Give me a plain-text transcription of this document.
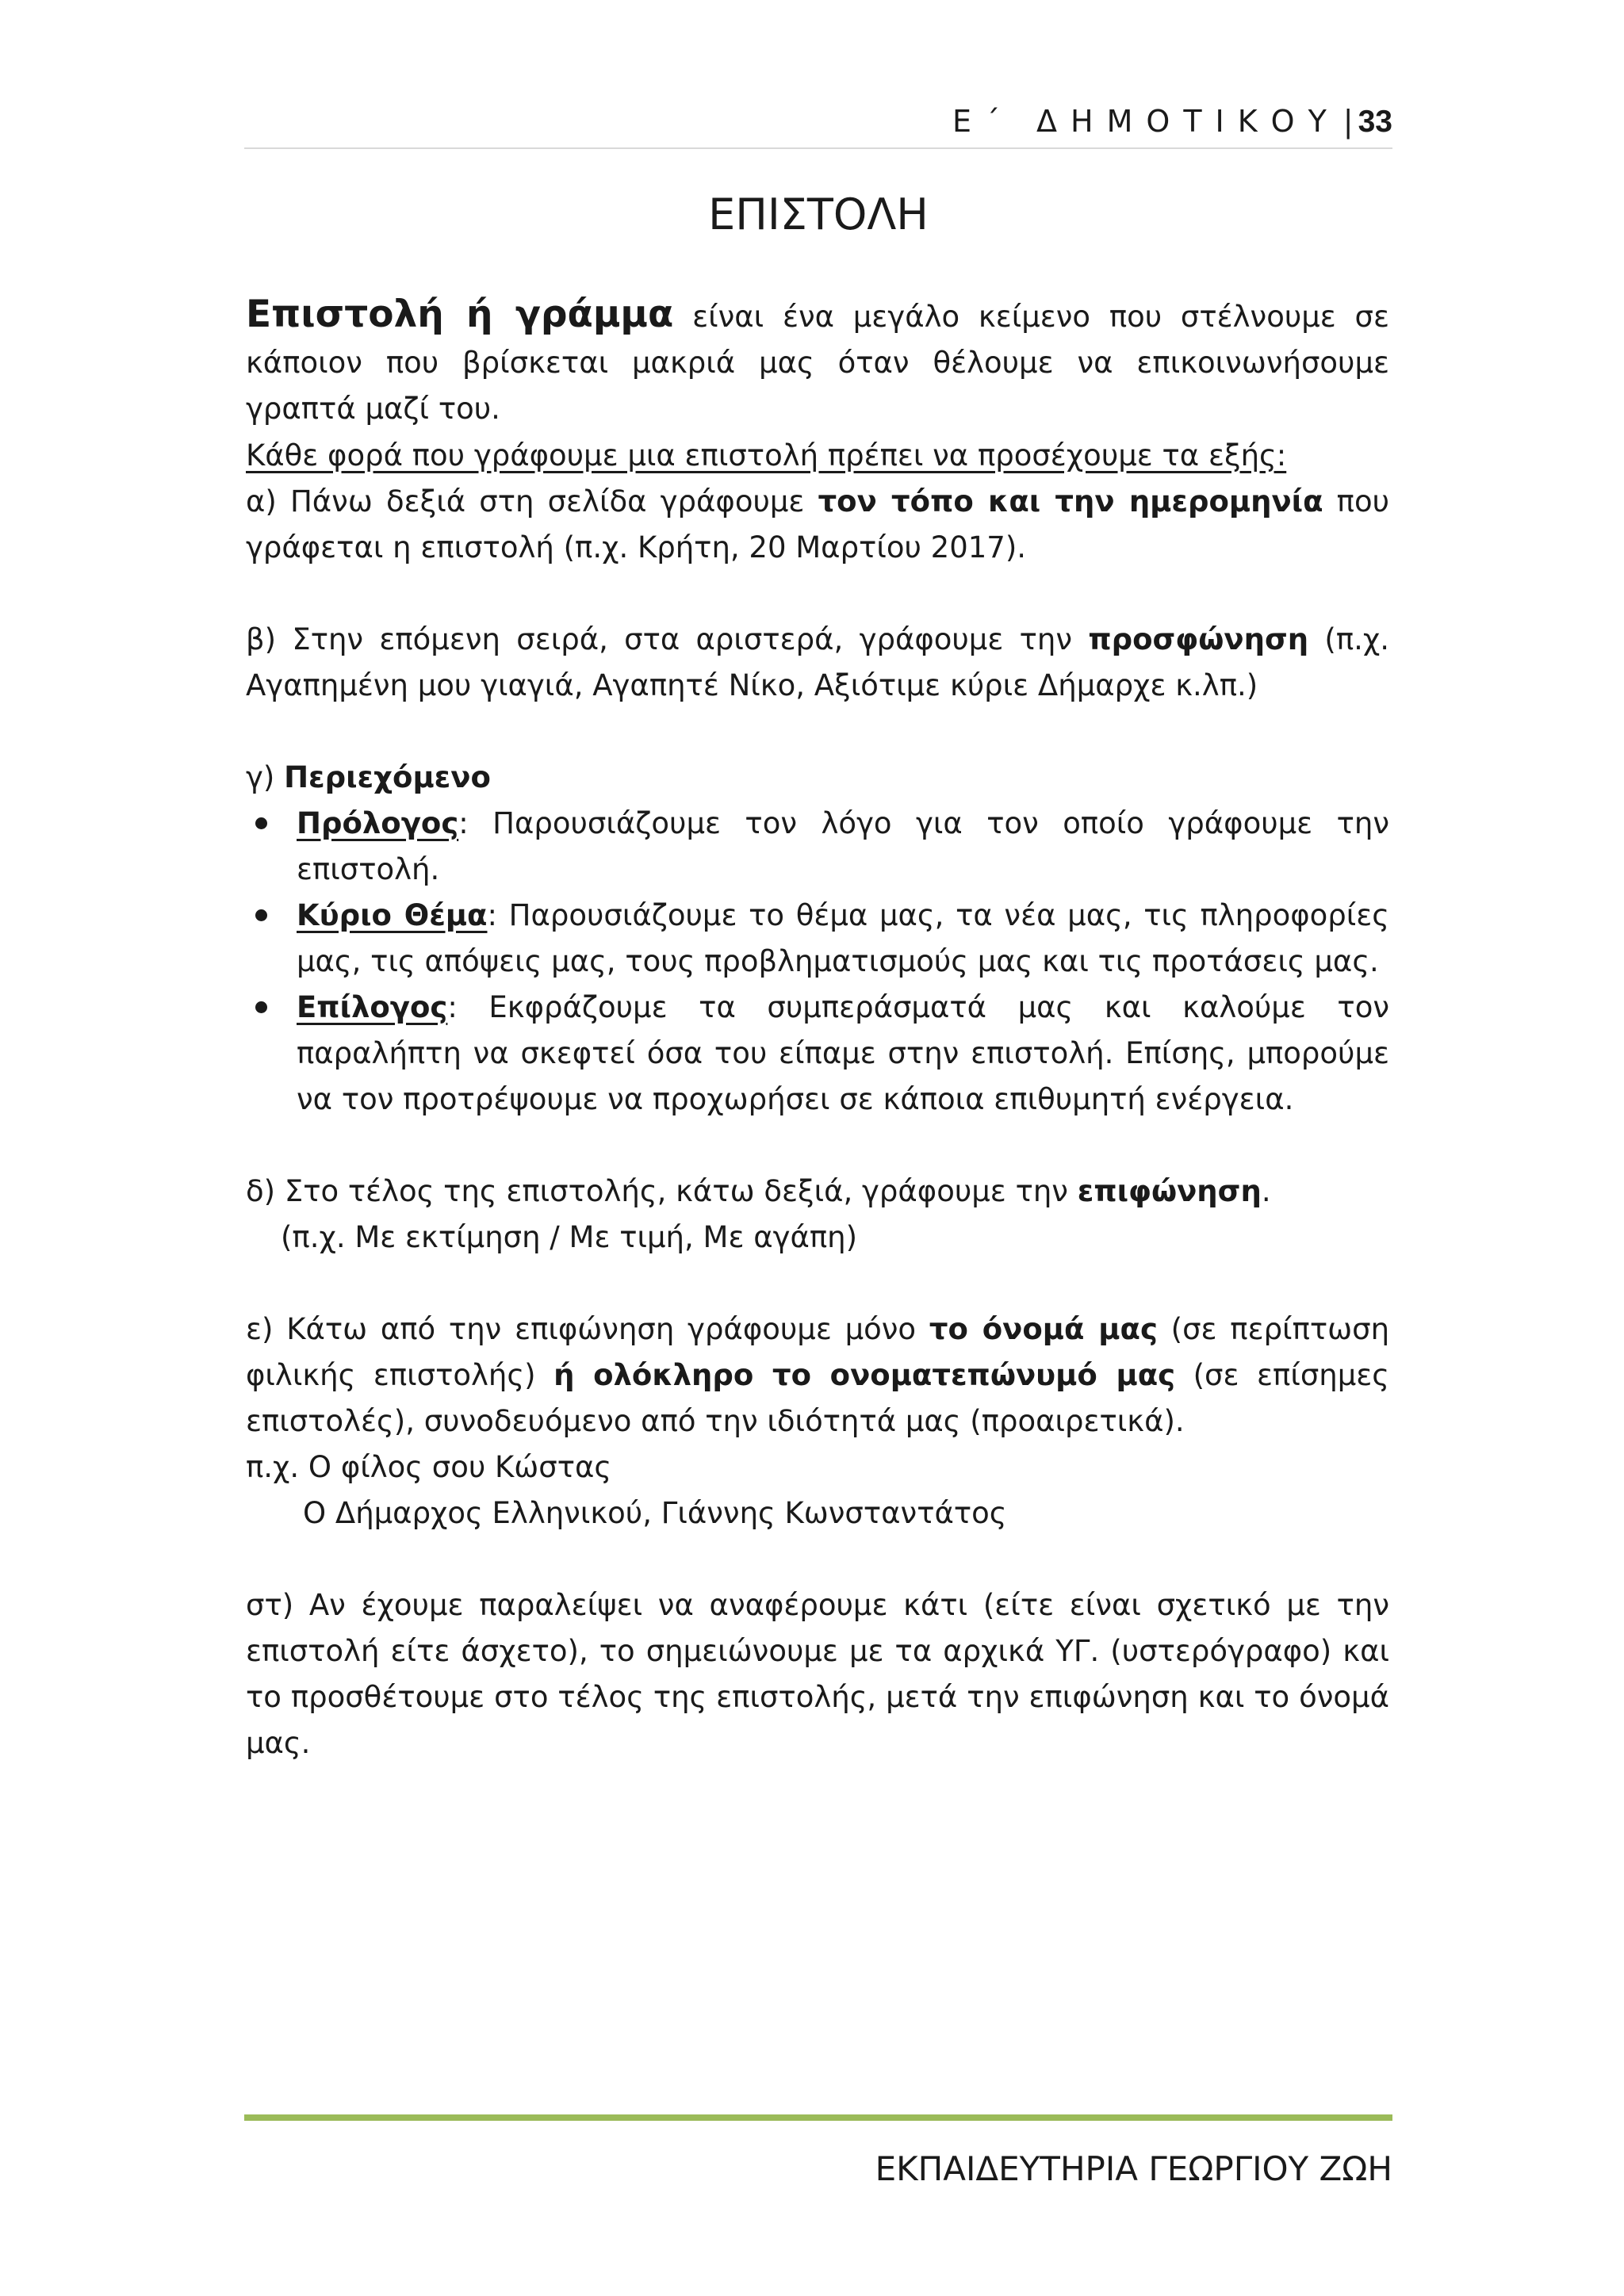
Ε΄ ΔΗΜΟΤΙΚΟΥ | 33
ΕΠΙΣΤΟΛΗ

Επιστολή ή γράμμα είναι ένα μεγάλο κείμενο που στέλνουμε σε κάποιον που βρίσκεται μακριά μας όταν θέλουμε να επικοινωνήσουμε γραπτά μαζί του.

Κάθε φορά που γράφουμε μια επιστολή πρέπει να προσέχουμε τα εξής:

α) Πάνω δεξιά στη σελίδα γράφουμε τον τόπο και την ημερομηνία που γράφεται η επιστολή (π.χ. Κρήτη, 20 Μαρτίου 2017).

β) Στην επόμενη σειρά, στα αριστερά, γράφουμε την προσφώνηση (π.χ. Αγαπημένη μου γιαγιά, Αγαπητέ Νίκο, Αξιότιμε κύριε Δήμαρχε κ.λπ.)

γ) Περιεχόμενο

Πρόλογος: Παρουσιάζουμε τον λόγο για τον οποίο γράφουμε την επιστολή.
Κύριο Θέμα: Παρουσιάζουμε το θέμα μας, τα νέα μας, τις πληροφορίες μας, τις απόψεις μας, τους προβληματισμούς μας και τις προτάσεις μας.
Επίλογος: Εκφράζουμε τα συμπεράσματά μας και καλούμε τον παραλήπτη να σκεφτεί όσα του είπαμε στην επιστολή. Επίσης, μπορούμε να τον προτρέψουμε να προχωρήσει σε κάποια επιθυμητή ενέργεια.

δ) Στο τέλος της επιστολής, κάτω δεξιά, γράφουμε την επιφώνηση.

(π.χ. Με εκτίμηση / Με τιμή, Με αγάπη)

ε) Κάτω από την επιφώνηση γράφουμε μόνο το όνομά μας (σε περίπτωση φιλικής επιστολής) ή ολόκληρο το ονοματεπώνυμό μας (σε επίσημες επιστολές), συνοδευόμενο από την ιδιότητά μας (προαιρετικά).

π.χ. Ο φίλος σου Κώστας

Ο Δήμαρχος Ελληνικού, Γιάννης Κωνσταντάτος

στ) Αν έχουμε παραλείψει να αναφέρουμε κάτι (είτε είναι σχετικό με την επιστολή είτε άσχετο), το σημειώνουμε με τα αρχικά ΥΓ. (υστερόγραφο) και το προσθέτουμε στο τέλος της επιστολής, μετά την επιφώνηση και το όνομά μας.

ΕΚΠΑΙΔΕΥΤΗΡΙΑ ΓΕΩΡΓΙΟΥ ΖΩΗ
